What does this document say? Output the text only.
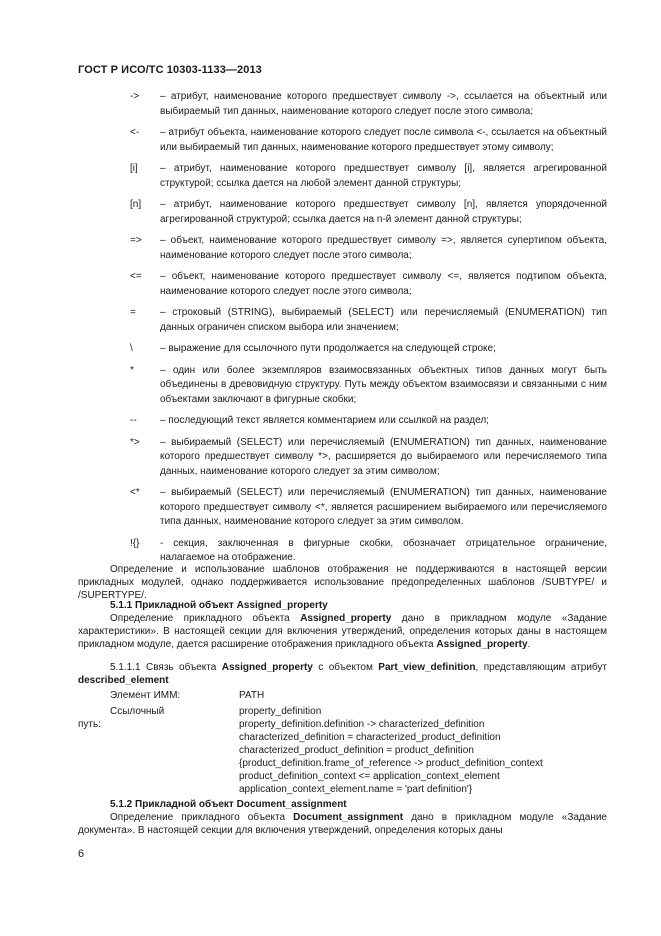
ГОСТ Р ИСО/ТС 10303-1133—2013
->	– атрибут, наименование которого предшествует символу ->, ссылается на объектный или выбираемый тип данных, наименование которого следует после этого символа;
<-	– атрибут объекта, наименование которого следует после символа <-, ссылается на объектный или выбираемый тип данных, наименование которого предшествует этому символу;
[i]	– атрибут, наименование которого предшествует символу [i], является агрегированной структурой; ссылка дается на любой элемент данной структуры;
[n]	– атрибут, наименование которого предшествует символу [n], является упорядоченной агрегированной структурой; ссылка дается на n-й элемент данной структуры;
=>	– объект, наименование которого предшествует символу =>, является супертипом объекта, наименование которого следует после этого символа;
<=	– объект, наименование которого предшествует символу <=, является подтипом объекта, наименование которого следует после этого символа;
=	– строковый (STRING), выбираемый (SELECT) или перечисляемый (ENUMERATION) тип данных ограничен списком выбора или значением;
\	– выражение для ссылочного пути продолжается на следующей строке;
*	– один или более экземпляров взаимосвязанных объектных типов данных могут быть объединены в древовидную структуру. Путь между объектом взаимосвязи и связанными с ним объектами заключают в фигурные скобки;
--	– последующий текст является комментарием или ссылкой на раздел;
*>	– выбираемый (SELECT) или перечисляемый (ENUMERATION) тип данных, наименование которого предшествует символу *>, расширяется до выбираемого или перечисляемого типа данных, наименование которого следует за этим символом;
<*	– выбираемый (SELECT) или перечисляемый (ENUMERATION) тип данных, наименование которого предшествует символу <*, является расширением выбираемого или перечисляемого типа данных, наименование которого следует за этим символом.
!{}	- секция, заключенная в фигурные скобки, обозначает отрицательное ограничение, налагаемое на отображение.
Определение и использование шаблонов отображения не поддерживаются в настоящей версии прикладных модулей, однако поддерживается использование предопределенных шаблонов /SUBTYPE/ и /SUPERTYPE/.
5.1.1 Прикладной объект Assigned_property
Определение прикладного объекта Assigned_property дано в прикладном модуле «Задание характеристики». В настоящей секции для включения утверждений, определения которых даны в настоящем прикладном модуле, дается расширение отображения прикладного объекта Assigned_property.
5.1.1.1 Связь объекта Assigned_property с объектом Part_view_definition, представляющим атрибут described_element
Элемент ИММ:	PATH
Ссылочный
путь:
property_definition
property_definition.definition -> characterized_definition
characterized_definition = characterized_product_definition
characterized_product_definition = product_definition
{product_definition.frame_of_reference -> product_definition_context
product_definition_context <= application_context_element
application_context_element.name = 'part definition'}
5.1.2 Прикладной объект Document_assignment
Определение прикладного объекта Document_assignment дано в прикладном модуле «Задание документа». В настоящей секции для включения утверждений, определения которых даны
6
